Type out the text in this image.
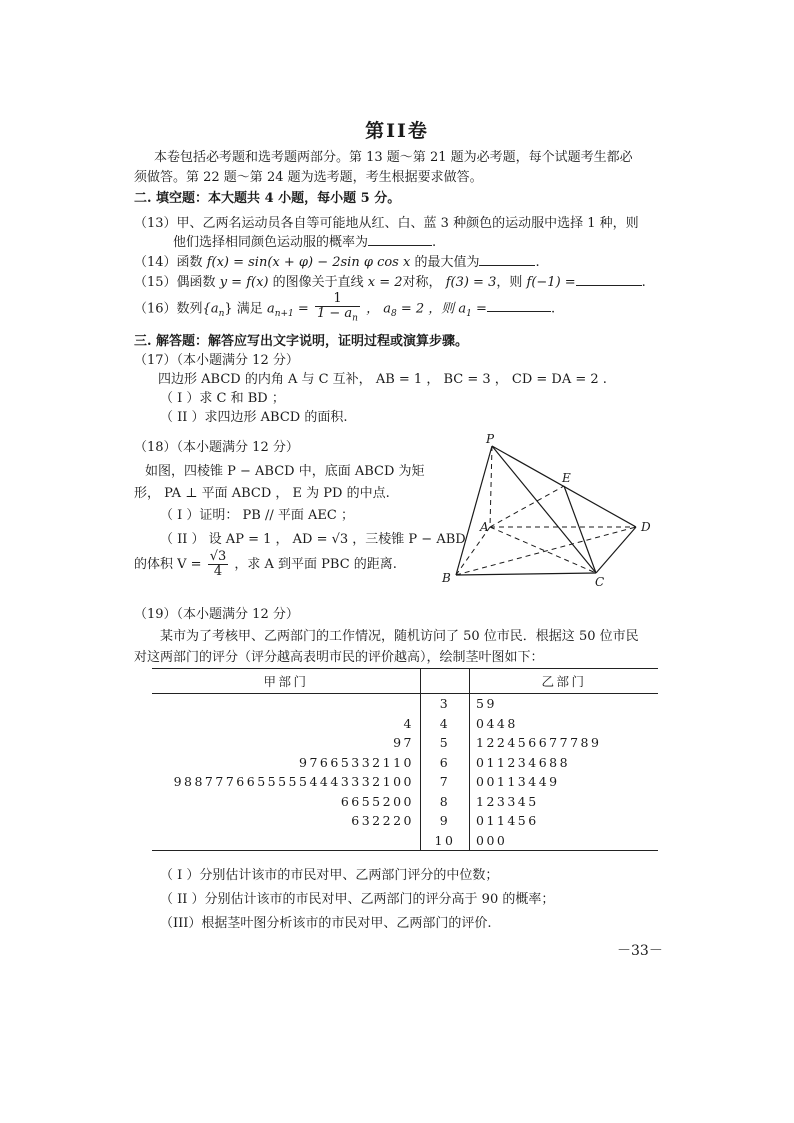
第II卷
本卷包括必考题和选考题两部分。第 13 题～第 21 题为必考题，每个试题考生都必
须做答。第 22 题～第 24 题为选考题，考生根据要求做答。
二. 填空题：本大题共 4 小题，每小题 5 分。
（13）甲、乙两名运动员各自等可能地从红、白、蓝 3 种颜色的运动服中选择 1 种，则
他们选择相同颜色运动服的概率为	.
（14）函数 f(x) = sin(x + φ) − 2sin φ cos x 的最大值为	.
（15）偶函数 y = f(x) 的图像关于直线 x = 2对称， f(3) = 3，则 f(−1) =	.
（16）数列$\{a_n\}$ 满足 $a_{n+1} = \frac{1}{1 - a_n}$ ， $a_8 = 2$ ，则 $a_1$ =	.
三. 解答题：解答应写出文字说明，证明过程或演算步骤。
（17）（本小题满分 12 分）
四边形 ABCD 的内角 A 与 C 互补， AB = 1 ， BC = 3 ， CD = DA = 2 .
（ I ）求 C 和 BD ；
（ II ）求四边形 ABCD 的面积.
（18）（本小题满分 12 分）
如图，四棱锥 P − ABCD 中，底面 ABCD 为矩
形， PA ⊥ 平面 ABCD ， E 为 PD 的中点.
（ I ）证明： PB // 平面 AEC ；
（ II ） 设 AP = 1 ， AD = √3 ，三棱锥 P − ABD
的体积 $V = \frac{√3}{4}$ ，求 A 到平面 PBC 的距离.
P
E
A	D
B	C
（19）（本小题满分 12 分）
某市为了考核甲、乙两部门的工作情况，随机访问了 50 位市民．根据这 50 位市民
对这两部门的评分（评分越高表明市民的评价越高），绘制茎叶图如下：
甲部门		乙部门
	3	59
4	4	0448
97	5	122456677789
97665332110	6	011234688
98877766555554443332100	7	00113449
6655200	8	123345
632220	9	011456
	10	000
（ I ）分别估计该市的市民对甲、乙两部门评分的中位数；
（ II ）分别估计该市的市民对甲、乙两部门的评分高于 90 的概率；
（III）根据茎叶图分析该市的市民对甲、乙两部门的评价.
－33－
